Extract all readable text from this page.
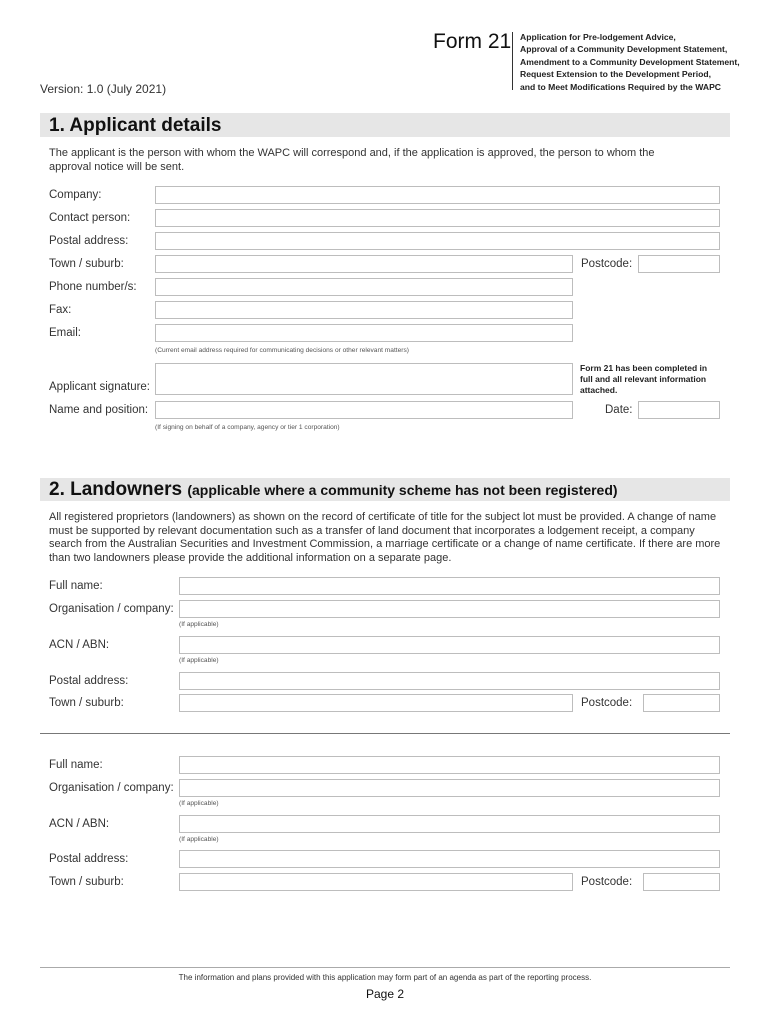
Form 21 Application for Pre-lodgement Advice,
Approval of a Community Development Statement,
Amendment to a Community Development Statement,
Request Extension to the Development Period,
and to Meet Modifications Required by the WAPC
Version: 1.0 (July 2021)
1. Applicant details
The applicant is the person with whom the WAPC will correspond and, if the application is approved, the person to whom the approval notice will be sent.
Company:
Contact person:
Postal address:
Town / suburb:	Postcode:
Phone number/s:
Fax:
Email:
(Current email address required for communicating decisions or other relevant matters)
Applicant signature:
Form 21 has been completed in full and all relevant information attached.
Name and position:	Date:
(If signing on behalf of a company, agency or tier 1 corporation)
2. Landowners (applicable where a community scheme has not been registered)
All registered proprietors (landowners) as shown on the record of certificate of title for the subject lot must be provided. A change of name must be supported by relevant documentation such as a transfer of land document that incorporates a lodgement receipt, a company search from the Australian Securities and Investment Commission, a marriage certificate or a change of name certificate. If there are more than two landowners please provide the additional information on a separate page.
Full name:
Organisation / company:
(If applicable)
ACN / ABN:
(If applicable)
Postal address:
Town / suburb:	Postcode:
Full name:
Organisation / company:
(If applicable)
ACN / ABN:
(If applicable)
Postal address:
Town / suburb:	Postcode:
The information and plans provided with this application may form part of an agenda as part of the reporting process.
Page 2
